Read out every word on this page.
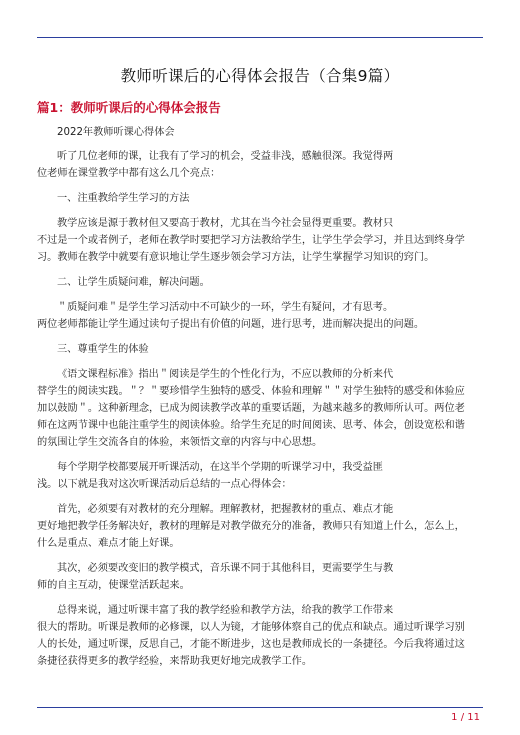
教师听课后的心得体会报告（合集9篇）
篇1：教师听课后的心得体会报告

2022年教师听课心得体会

听了几位老师的课，让我有了学习的机会，受益非浅，感触很深。我觉得两
位老师在课堂教学中都有这么几个亮点：

一、注重教给学生学习的方法

教学应该是源于教材但又要高于教材，尤其在当今社会显得更重要。教材只
不过是一个或者例子，老师在教学时要把学习方法教给学生，让学生学会学习，并且达到终身学
习。教师在教学中就要有意识地让学生逐步领会学习方法，让学生掌握学习知识的窍门。

二、让学生质疑问难，解决问题。

＂质疑问难＂是学生学习活动中不可缺少的一环，学生有疑问，才有思考。
两位老师都能让学生通过读句子提出有价值的问题，进行思考，进而解决提出的问题。

三、尊重学生的体验

《语文课程标准》指出＂阅读是学生的个性化行为，不应以教师的分析来代
替学生的阅读实践。＂？＂要珍惜学生独特的感受、体验和理解＂＂对学生独特的感受和体验应
加以鼓励＂。这种新理念，已成为阅读教学改革的重要话题，为越来越多的教师所认可。两位老
师在这两节课中也能注重学生的阅读体验。给学生充足的时间阅读、思考、体会，创设宽松和谐
的氛围让学生交流各自的体验，来领悟文章的内容与中心思想。

每个学期学校都要展开听课活动，在这半个学期的听课学习中，我受益匪
浅。以下就是我对这次听课活动后总结的一点心得体会：

首先，必须要有对教材的充分理解。理解教材，把握教材的重点、难点才能
更好地把教学任务解决好，教材的理解是对教学做充分的准备，教师只有知道上什么，怎么上，
什么是重点、难点才能上好课。

其次，必须要改变旧的教学模式，音乐课不同于其他科目，更需要学生与教
师的自主互动，使课堂活跃起来。

总得来说，通过听课丰富了我的教学经验和教学方法，给我的教学工作带来
很大的帮助。听课是教师的必修课，以人为镜，才能够体察自己的优点和缺点。通过听课学习别
人的长处，通过听课，反思自己，才能不断进步，这也是教师成长的一条捷径。今后我将通过这
条捷径获得更多的教学经验，来帮助我更好地完成教学工作。

1 / 11
